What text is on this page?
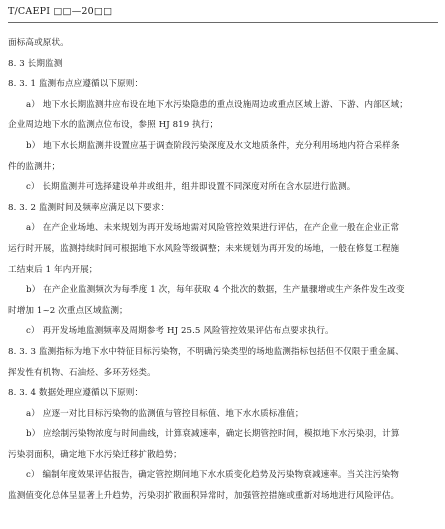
T/CAEPI □□—20□□
面标高或原状。
8. 3 长期监测
8. 3. 1 监测布点应遵循以下原则：
a） 地下水长期监测井应布设在地下水污染隐患的重点设施周边或重点区域上游、下游、内部区域；
企业周边地下水的监测点位布设，参照 HJ 819 执行；
b） 地下水长期监测井设置应基于调查阶段污染深度及水文地质条件，充分利用场地内符合采样条
件的监测井；
c） 长期监测井可选择建设单井或组井，组井即设置不同深度对所在含水层进行监测。
8. 3. 2 监测时间及频率应满足以下要求：
a） 在产企业场地、未来规划为再开发场地需对风险管控效果进行评估，在产企业一般在企业正常
运行时开展，监测持续时间可根据地下水风险等级调整；未来规划为再开发的场地，一般在修复工程施
工结束后 1 年内开展；
b） 在产企业监测频次为每季度 1 次，每年获取 4 个批次的数据，生产量骤增或生产条件发生改变
时增加 1~2 次重点区域监测；
c） 再开发场地监测频率及周期参考 HJ 25.5 风险管控效果评估布点要求执行。
8. 3. 3 监测指标为地下水中特征目标污染物，不明确污染类型的场地监测指标包括但不仅限于重金属、
挥发性有机物、石油烃、多环芳烃类。
8. 3. 4 数据处理应遵循以下原则：
a） 应逐一对比目标污染物的监测值与管控目标值、地下水水质标准值；
b） 应绘制污染物浓度与时间曲线，计算衰减速率，确定长期管控时间，模拟地下水污染羽，计算
污染羽面积，确定地下水污染迁移扩散趋势；
c） 编制年度效果评估报告，确定管控期间地下水水质变化趋势及污染物衰减速率。当关注污染物
监测值变化总体呈显著上升趋势，污染羽扩散面积异常时，加强管控措施或重新对场地进行风险评估。
